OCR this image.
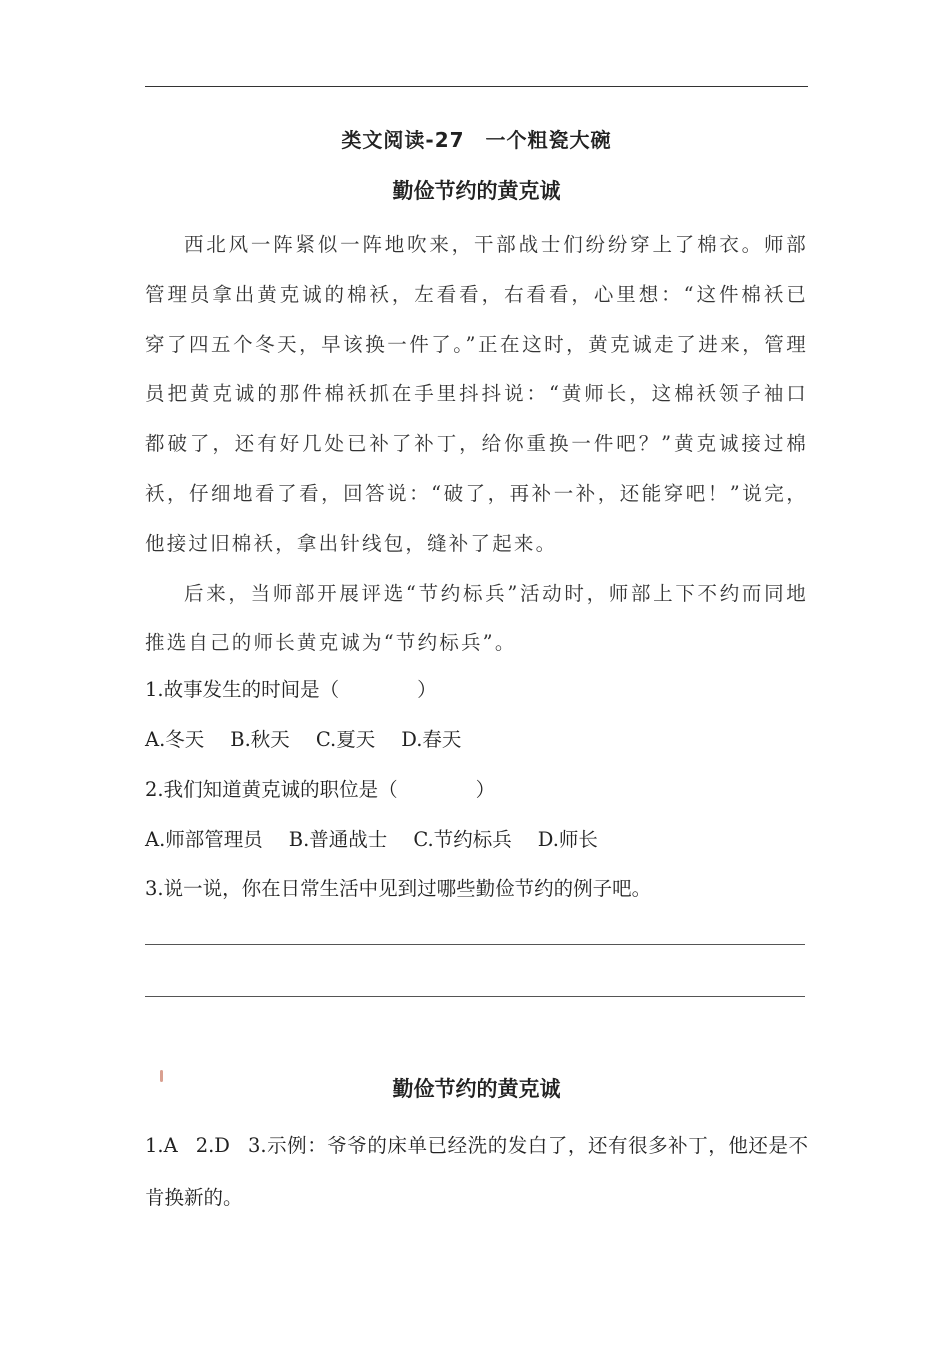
类文阅读-27　一个粗瓷大碗
勤俭节约的黄克诚

西北风一阵紧似一阵地吹来，干部战士们纷纷穿上了棉衣。师部管理员拿出黄克诚的棉袄，左看看，右看看，心里想：“这件棉袄已穿了四五个冬天，早该换一件了。”正在这时，黄克诚走了进来，管理员把黄克诚的那件棉袄抓在手里抖抖说：“黄师长，这棉袄领子袖口都破了，还有好几处已补了补丁，给你重换一件吧？”黄克诚接过棉袄，仔细地看了看，回答说：“破了，再补一补，还能穿吧！”说完，他接过旧棉袄，拿出针线包，缝补了起来。

后来，当师部开展评选“节约标兵”活动时，师部上下不约而同地推选自己的师长黄克诚为“节约标兵”。

1.故事发生的时间是（	）
A.冬天 B.秋天 C.夏天 D.春天
2.我们知道黄克诚的职位是（	）
A.师部管理员 B.普通战士 C.节约标兵 D.师长
3.说一说，你在日常生活中见到过哪些勤俭节约的例子吧。
勤俭节约的黄克诚
1.A 2.D 3.示例：爷爷的床单已经洗的发白了，还有很多补丁，他还是不肯换新的。
